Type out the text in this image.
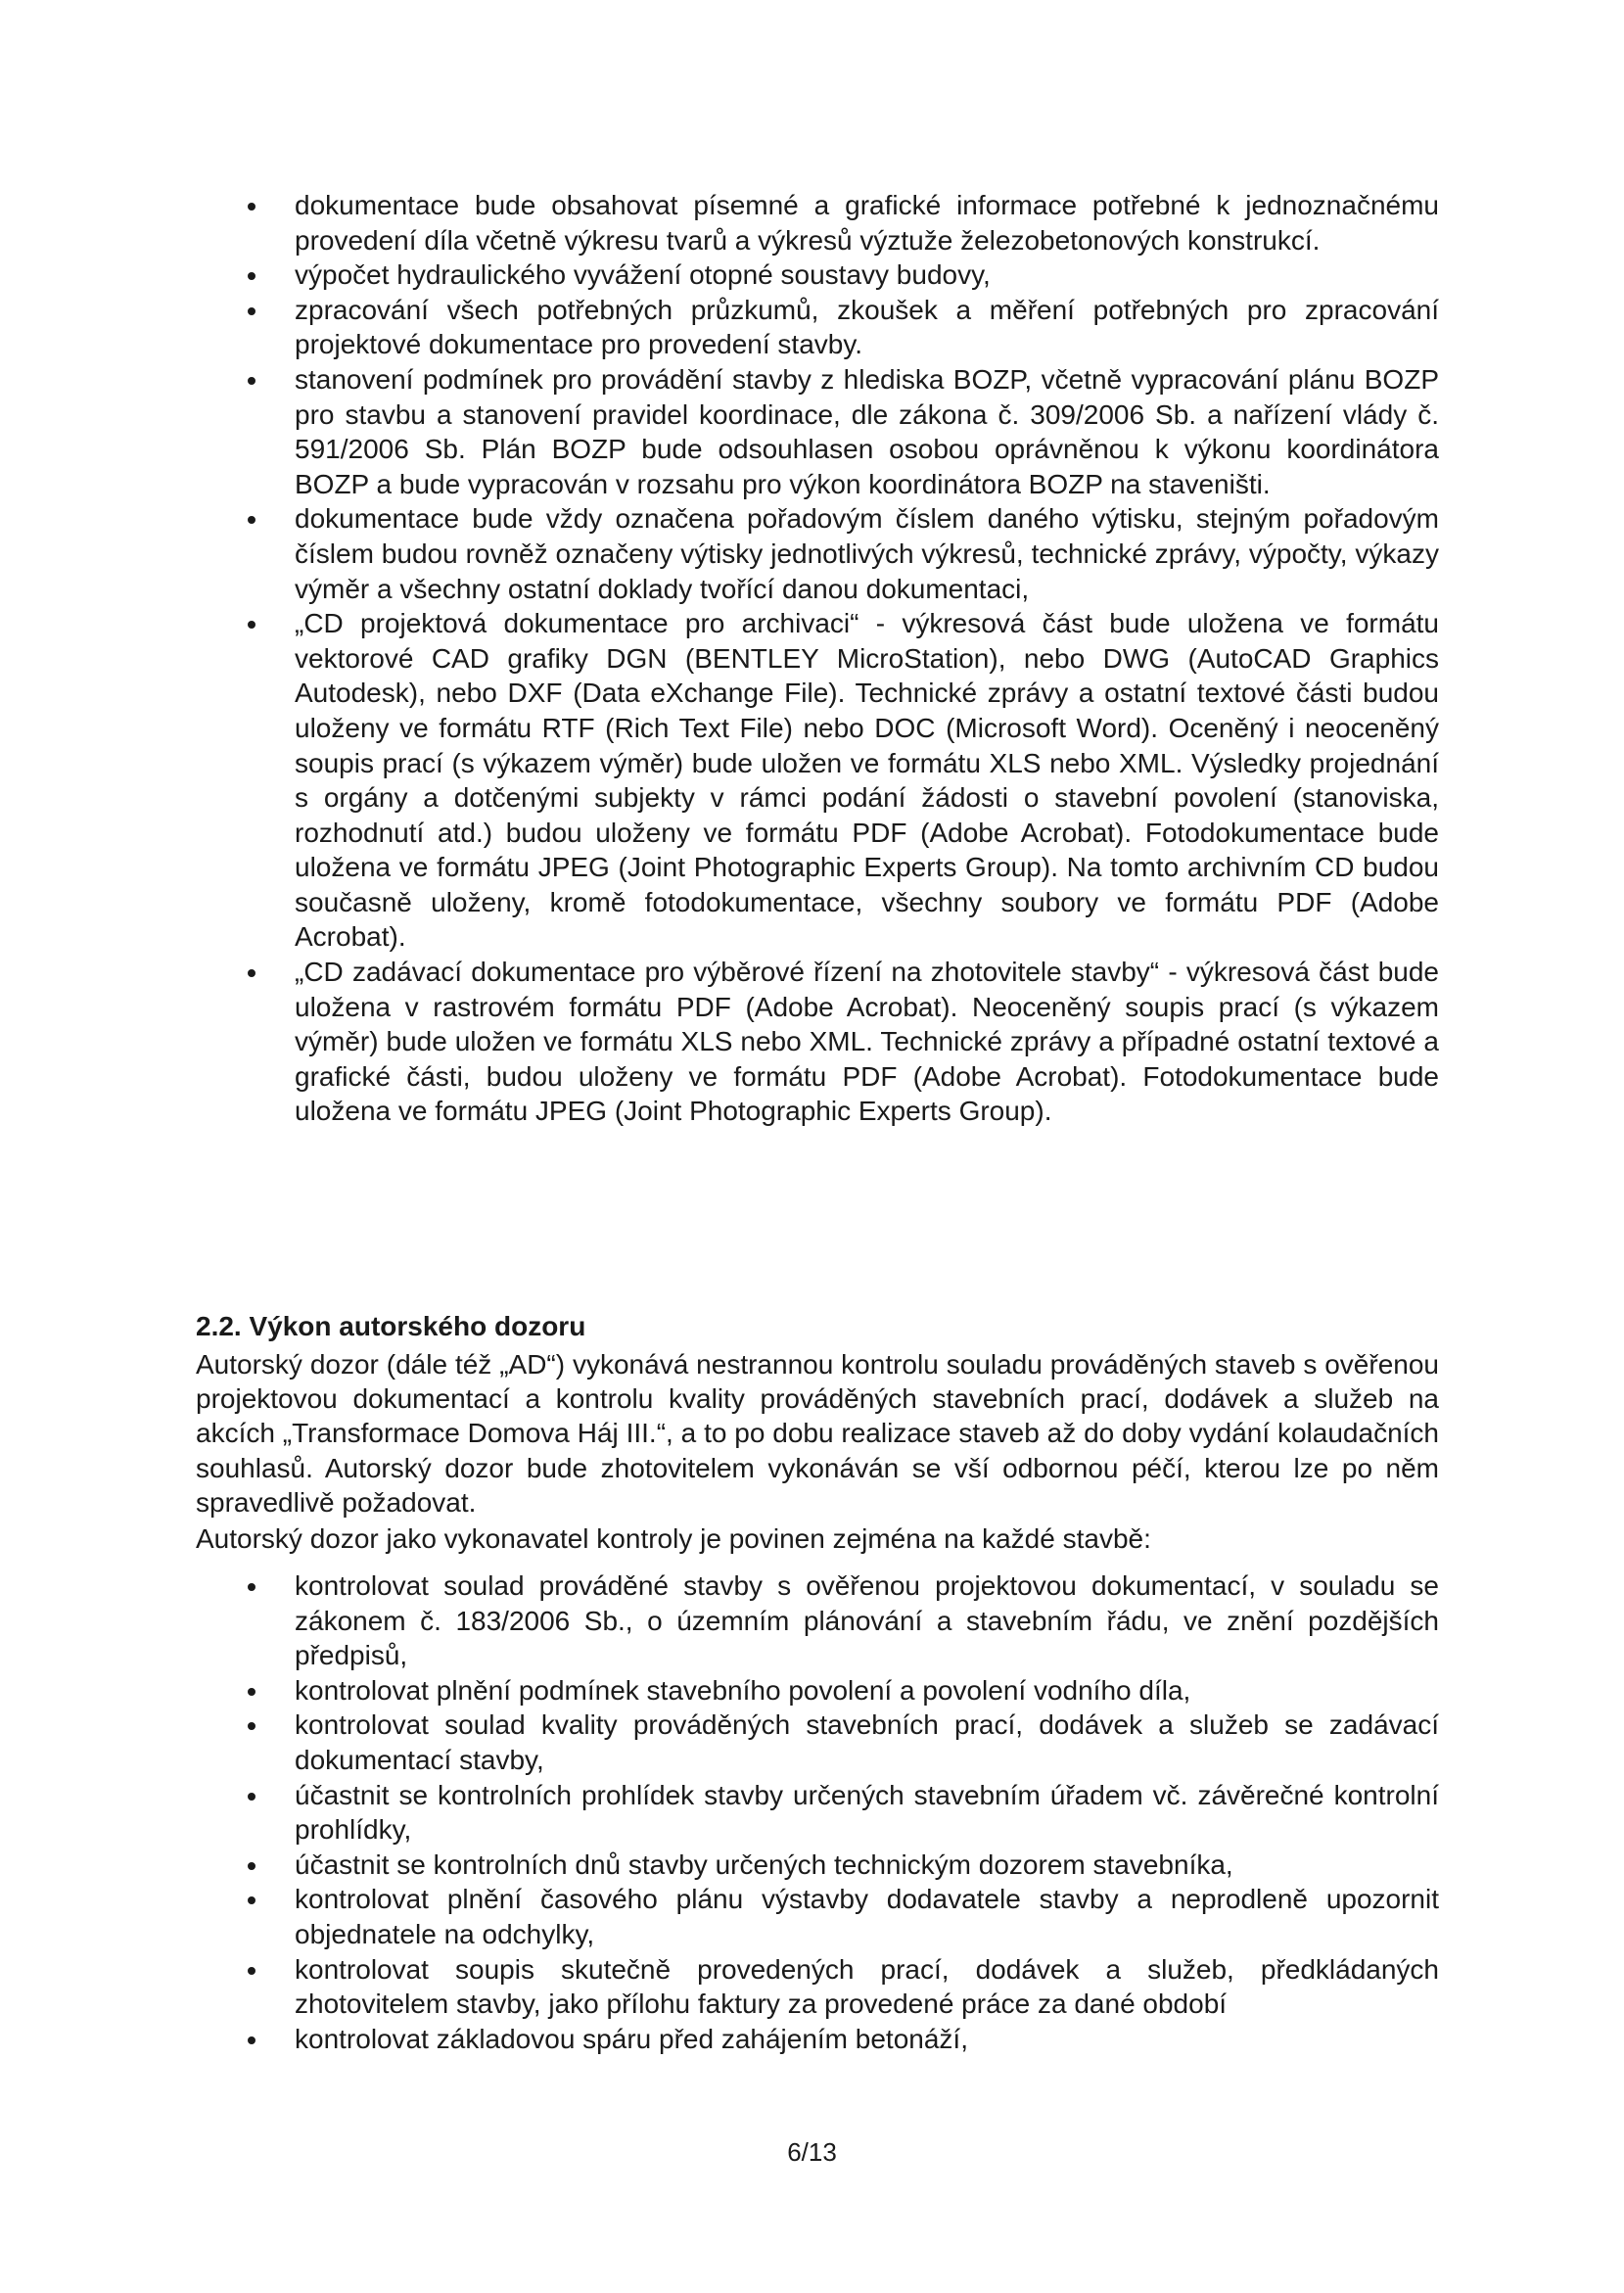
dokumentace bude obsahovat písemné a grafické informace potřebné k jednoznačnému provedení díla včetně výkresu tvarů a výkresů výztuže železobetonových konstrukcí.
výpočet hydraulického vyvážení otopné soustavy budovy,
zpracování všech potřebných průzkumů, zkoušek a měření potřebných pro zpracování projektové dokumentace pro provedení stavby.
stanovení podmínek pro provádění stavby z hlediska BOZP, včetně vypracování plánu BOZP pro stavbu a stanovení pravidel koordinace, dle zákona č. 309/2006 Sb. a nařízení vlády č. 591/2006 Sb. Plán BOZP bude odsouhlasen osobou oprávněnou k výkonu koordinátora BOZP a bude vypracován v rozsahu pro výkon koordinátora BOZP na staveništi.
dokumentace bude vždy označena pořadovým číslem daného výtisku, stejným pořadovým číslem budou rovněž označeny výtisky jednotlivých výkresů, technické zprávy, výpočty, výkazy výměr a všechny ostatní doklady tvořící danou dokumentaci,
„CD projektová dokumentace pro archivaci“ - výkresová část bude uložena ve formátu vektorové CAD grafiky DGN (BENTLEY MicroStation), nebo DWG (AutoCAD Graphics Autodesk), nebo DXF (Data eXchange File). Technické zprávy a ostatní textové části budou uloženy ve formátu RTF (Rich Text File) nebo DOC (Microsoft Word). Oceněný i neoceněný soupis prací (s výkazem výměr) bude uložen ve formátu XLS nebo XML. Výsledky projednání s orgány a dotčenými subjekty v rámci podání žádosti o stavební povolení (stanoviska, rozhodnutí atd.) budou uloženy ve formátu PDF (Adobe Acrobat). Fotodokumentace bude uložena ve formátu JPEG (Joint Photographic Experts Group). Na tomto archivním CD budou současně uloženy, kromě fotodokumentace, všechny soubory ve formátu PDF (Adobe Acrobat).
„CD zadávací dokumentace pro výběrové řízení na zhotovitele stavby“ - výkresová část bude uložena v rastrovém formátu PDF (Adobe Acrobat). Neoceněný soupis prací (s výkazem výměr) bude uložen ve formátu XLS nebo XML. Technické zprávy a případné ostatní textové a grafické části, budou uloženy ve formátu PDF (Adobe Acrobat). Fotodokumentace bude uložena ve formátu JPEG (Joint Photographic Experts Group).
2.2. Výkon autorského dozoru
Autorský dozor (dále též „AD“) vykonává nestrannou kontrolu souladu prováděných staveb s ověřenou projektovou dokumentací a kontrolu kvality prováděných stavebních prací, dodávek a služeb na akcích „Transformace Domova Háj III.“, a to po dobu realizace staveb až do doby vydání kolaudačních souhlasů. Autorský dozor bude zhotovitelem vykonáván se vší odbornou péčí, kterou lze po něm spravedlivě požadovat.
Autorský dozor jako vykonavatel kontroly je povinen zejména na každé stavbě:
kontrolovat soulad prováděné stavby s ověřenou projektovou dokumentací, v souladu se zákonem č. 183/2006 Sb., o územním plánování a stavebním řádu, ve znění pozdějších předpisů,
kontrolovat plnění podmínek stavebního povolení a povolení vodního díla,
kontrolovat soulad kvality prováděných stavebních prací, dodávek a služeb se zadávací dokumentací stavby,
účastnit se kontrolních prohlídek stavby určených stavebním úřadem vč. závěrečné kontrolní prohlídky,
účastnit se kontrolních dnů stavby určených technickým dozorem stavebníka,
kontrolovat plnění časového plánu výstavby dodavatele stavby a neprodleně upozornit objednatele na odchylky,
kontrolovat soupis skutečně provedených prací, dodávek a služeb, předkládaných zhotovitelem stavby, jako přílohu faktury za provedené práce za dané období
kontrolovat základovou spáru před zahájením betonáží,
6/13
